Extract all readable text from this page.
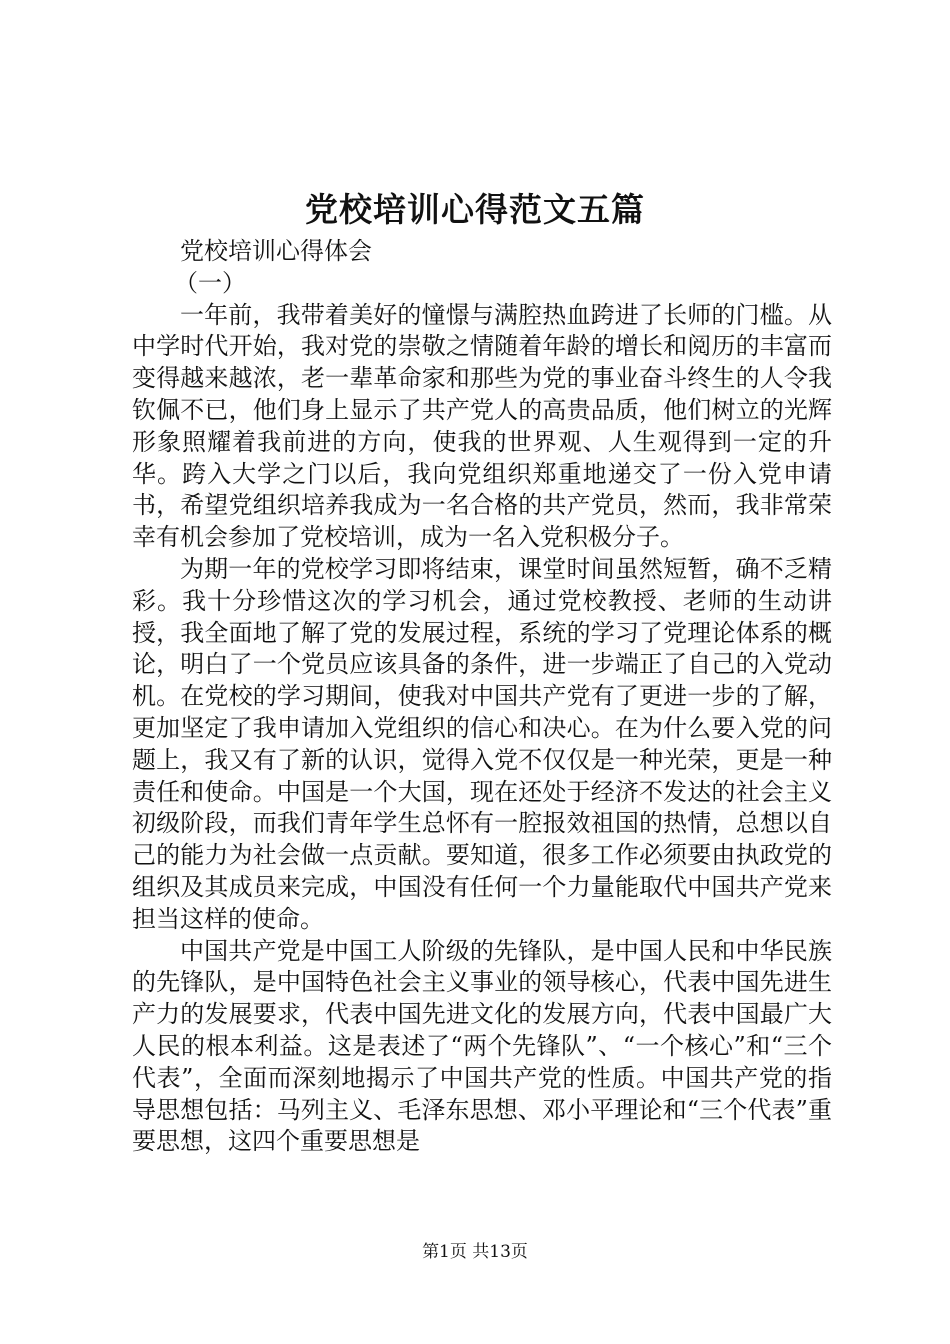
党校培训心得范文五篇

党校培训心得体会

（一）

一年前，我带着美好的憧憬与满腔热血跨进了长师的门槛。从中学时代开始，我对党的崇敬之情随着年龄的增长和阅历的丰富而变得越来越浓，老一辈革命家和那些为党的事业奋斗终生的人令我钦佩不已，他们身上显示了共产党人的高贵品质，他们树立的光辉形象照耀着我前进的方向，使我的世界观、人生观得到一定的升华。跨入大学之门以后，我向党组织郑重地递交了一份入党申请书，希望党组织培养我成为一名合格的共产党员，然而，我非常荣幸有机会参加了党校培训，成为一名入党积极分子。

为期一年的党校学习即将结束，课堂时间虽然短暂，确不乏精彩。我十分珍惜这次的学习机会，通过党校教授、老师的生动讲授，我全面地了解了党的发展过程，系统的学习了党理论体系的概论，明白了一个党员应该具备的条件，进一步端正了自己的入党动机。在党校的学习期间，使我对中国共产党有了更进一步的了解，更加坚定了我申请加入党组织的信心和决心。在为什么要入党的问题上，我又有了新的认识，觉得入党不仅仅是一种光荣，更是一种责任和使命。中国是一个大国，现在还处于经济不发达的社会主义初级阶段，而我们青年学生总怀有一腔报效祖国的热情，总想以自己的能力为社会做一点贡献。要知道，很多工作必须要由执政党的组织及其成员来完成，中国没有任何一个力量能取代中国共产党来担当这样的使命。

中国共产党是中国工人阶级的先锋队，是中国人民和中华民族的先锋队，是中国特色社会主义事业的领导核心，代表中国先进生产力的发展要求，代表中国先进文化的发展方向，代表中国最广大人民的根本利益。这是表述了“两个先锋队”、“一个核心”和“三个代表”，全面而深刻地揭示了中国共产党的性质。中国共产党的指导思想包括：马列主义、毛泽东思想、邓小平理论和“三个代表”重要思想，这四个重要思想是

第1页 共13页
